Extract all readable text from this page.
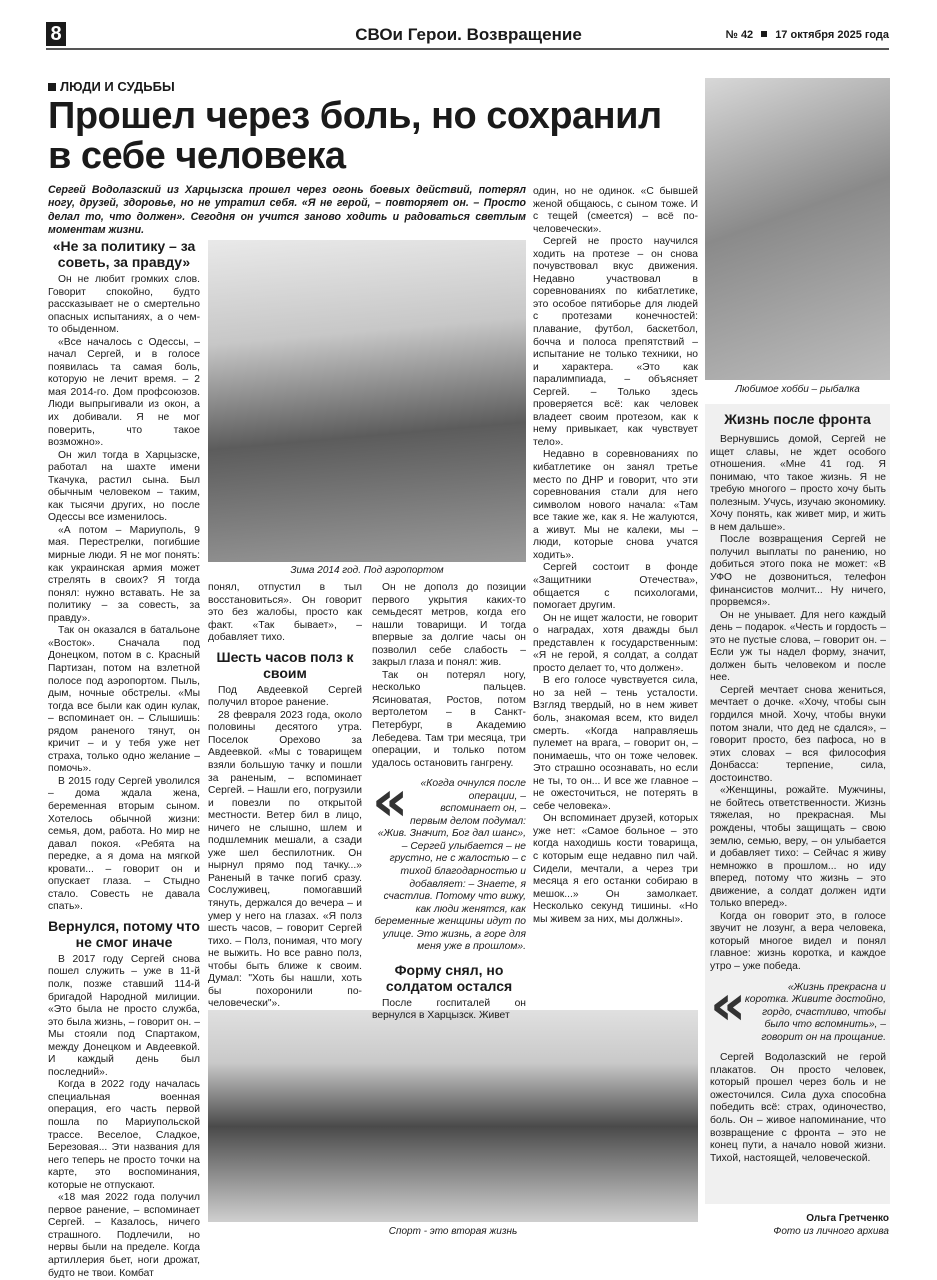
8	СВОи Герои. Возвращение	№ 42 17 октября 2025 года
ЛЮДИ И СУДЬБЫ
Прошел через боль, но сохранил в себе человека
Сергей Водолазский из Харцызска прошел через огонь боевых действий, потерял ногу, друзей, здоровье, но не утратил себя. «Я не герой, – повторяет он. – Просто делал то, что должен». Сегодня он учится заново ходить и радоваться светлым моментам жизни.
Любимое хобби – рыбалка
Зима 2014 год. Под аэропортом
Спорт - это вторая жизнь
Жизнь после фронта
«Не за политику – за советь, за правду»

Он не любит громких слов. Говорит спокойно, будто рассказывает не о смертельно опасных испытаниях, а о чем-то обыденном.

«Все началось с Одессы, – начал Сергей, и в голосе появилась та самая боль, которую не лечит время. – 2 мая 2014-го. Дом профсоюзов. Люди выпрыгивали из окон, а их добивали. Я не мог поверить, что такое возможно».

Он жил тогда в Харцызске, работал на шахте имени Ткачука, растил сына. Был обычным человеком – таким, как тысячи других, но после Одессы все изменилось.

«А потом – Мариуполь, 9 мая. Перестрелки, погибшие мирные люди. Я не мог понять: как украинская армия может стрелять в своих? Я тогда понял: нужно вставать. Не за политику – за совесть, за правду».

Так он оказался в батальоне «Восток». Сначала под Донецком, потом в с. Красный Партизан, потом на взлетной полосе под аэропортом. Пыль, дым, ночные обстрелы. «Мы тогда все были как один кулак, – вспоминает он. – Слышишь: рядом раненого тянут, он кричит – и у тебя уже нет страха, только одно желание – помочь».

В 2015 году Сергей уволился – дома ждала жена, беременная вторым сыном. Хотелось обычной жизни: семья, дом, работа. Но мир не давал покоя. «Ребята на передке, а я дома на мягкой кровати... – говорит он и опускает глаза. – Стыдно стало. Совесть не давала спать».

Вернулся, потому что не смог иначе

В 2017 году Сергей снова пошел служить – уже в 11-й полк, позже ставший 114-й бригадой Народной милиции. «Это была не просто служба, это была жизнь, – говорит он. – Мы стояли под Спартаком, между Донецком и Авдеевкой. И каждый день был последний».

Когда в 2022 году началась специальная военная операция, его часть первой пошла по Мариупольской трассе. Веселое, Сладкое, Березовая... Эти названия для него теперь не просто точки на карте, это воспоминания, которые не отпускают.

«18 мая 2022 года получил первое ранение, – вспоминает Сергей. – Казалось, ничего страшного. Подлечили, но нервы были на пределе. Когда артиллерия бьет, ноги дрожат, будто не твои. Комбат

понял, отпустил в тыл восстановиться». Он говорит это без жалобы, просто как факт. «Так бывает», – добавляет тихо.

Шесть часов полз к своим

Под Авдеевкой Сергей получил второе ранение.

28 февраля 2023 года, около половины десятого утра. Поселок Орехово за Авдеевкой. «Мы с товарищем взяли большую тачку и пошли за раненым, – вспоминает Сергей. – Нашли его, погрузили и повезли по открытой местности. Ветер бил в лицо, ничего не слышно, шлем и подшлемник мешали, а сзади уже шел беспилотник. Он нырнул прямо под тачку...» Раненый в тачке погиб сразу. Сослуживец, помогавший тянуть, держался до вечера – и умер у него на глазах. «Я полз шесть часов, – говорит Сергей тихо. – Полз, понимая, что могу не выжить. Но все равно полз, чтобы быть ближе к своим. Думал: "Хоть бы нашли, хоть бы похоронили по-человечески"».

Он не дополз до позиции первого укрытия каких-то семьдесят метров, когда его нашли товарищи. И тогда впервые за долгие часы он позволил себе слабость – закрыл глаза и понял: жив.

Так он потерял ногу, несколько пальцев. Ясиноватая, Ростов, потом вертолетом – в Санкт-Петербург, в Академию Лебедева. Там три месяца, три операции, и только потом удалось остановить гангрену.

« «Когда очнулся после операции, – вспоминает он, – первым делом подумал: «Жив. Значит, Бог дал шанс», – Сергей улыбается – не грустно, не с жалостью – с тихой благодарностью и добавляет: – Знаете, я счастлив. Потому что вижу, как люди женятся, как беременные женщины идут по улице. Это жизнь, а горе для меня уже в прошлом».
Форму снял, но солдатом остался

После госпиталей он вернулся в Харцызск. Живет

один, но не одинок. «С бывшей женой общаюсь, с сыном тоже. И с тещей (смеется) – всё по-человечески».

Сергей не просто научился ходить на протезе – он снова почувствовал вкус движения. Недавно участвовал в соревнованиях по кибатлетике, это особое пятиборье для людей с протезами конечностей: плавание, футбол, баскетбол, бочча и полоса препятствий – испытание не только техники, но и характера. «Это как паралимпиада, – объясняет Сергей. – Только здесь проверяется всё: как человек владеет своим протезом, как к нему привыкает, как чувствует тело».

Недавно в соревнованиях по кибатлетике он занял третье место по ДНР и говорит, что эти соревнования стали для него символом нового начала: «Там все такие же, как я. Не жалуются, а живут. Мы не калеки, мы – люди, которые снова учатся ходить».

Сергей состоит в фонде «Защитники Отечества», общается с психологами, помогает другим.

Он не ищет жалости, не говорит о наградах, хотя дважды был представлен к государственным: «Я не герой, я солдат, а солдат просто делает то, что должен».

В его голосе чувствуется сила, но за ней – тень усталости. Взгляд твердый, но в нем живет боль, знакомая всем, кто видел смерть. «Когда направляешь пулемет на врага, – говорит он, – понимаешь, что он тоже человек. Это страшно осознавать, но если не ты, то он... И все же главное – не ожесточиться, не потерять в себе человека».

Он вспоминает друзей, которых уже нет: «Самое больное – это когда находишь кости товарища, с которым еще недавно пил чай. Сидели, мечтали, а через три месяца я его останки собираю в мешок...» Он замолкает. Несколько секунд тишины. «Но мы живем за них, мы должны».

Вернувшись домой, Сергей не ищет славы, не ждет особого отношения. «Мне 41 год. Я понимаю, что такое жизнь. Я не требую многого – просто хочу быть полезным. Учусь, изучаю экономику. Хочу понять, как живет мир, и жить в нем дальше».

После возвращения Сергей не получил выплаты по ранению, но добиться этого пока не может: «В УФО не дозвониться, телефон финансистов молчит... Ну ничего, прорвемся».

Он не унывает. Для него каждый день – подарок. «Честь и гордость – это не пустые слова, – говорит он. – Если уж ты надел форму, значит, должен быть человеком и после нее.

Сергей мечтает снова жениться, мечтает о дочке. «Хочу, чтобы сын гордился мной. Хочу, чтобы внуки потом знали, что дед не сдался», – говорит просто, без пафоса, но в этих словах – вся философия Донбасса: терпение, сила, достоинство.

«Женщины, рожайте. Мужчины, не бойтесь ответственности. Жизнь тяжелая, но прекрасная. Мы рождены, чтобы защищать – свою землю, семью, веру, – он улыбается и добавляет тихо: – Сейчас я живу немножко в прошлом... но иду вперед, потому что жизнь – это движение, а солдат должен идти только вперед».

Когда он говорит это, в голосе звучит не лозунг, а вера человека, который многое видел и понял главное: жизнь коротка, и каждое утро – уже победа.

«	«Жизнь прекрасна и коротка. Живите достойно, гордо, счастливо, чтобы было что вспомнить», – говорит он на прощание.

Сергей Водолазский не герой плакатов. Он просто человек, который прошел через боль и не ожесточился. Сила духа способна победить всё: страх, одиночество, боль. Он – живое напоминание, что возвращение с фронта – это не конец пути, а начало новой жизни. Тихой, настоящей, человеческой.

Ольга Гретченко
Фото из личного архива
